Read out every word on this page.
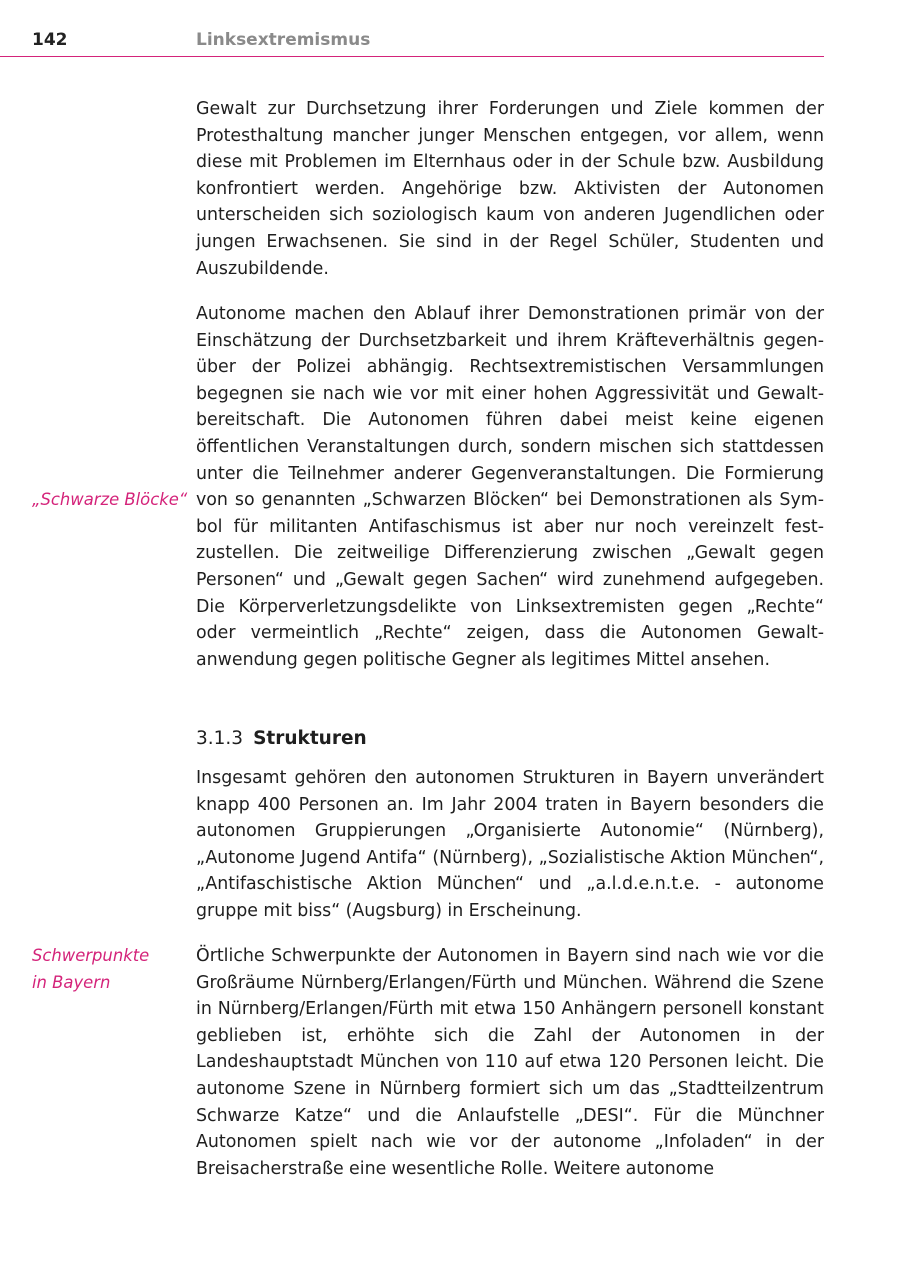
142	Linksextremismus

Gewalt zur Durchsetzung ihrer Forderungen und Ziele kommen der Protesthaltung mancher junger Menschen entgegen, vor allem, wenn diese mit Problemen im Elternhaus oder in der Schule bzw. Ausbildung konfrontiert werden. Angehörige bzw. Aktivisten der Autonomen unterscheiden sich soziologisch kaum von anderen Jugendlichen oder jungen Erwachsenen. Sie sind in der Regel Schüler, Studenten und Auszubildende.

Autonome machen den Ablauf ihrer Demonstrationen primär von der Einschätzung der Durchsetzbarkeit und ihrem Kräfteverhältnis gegenüber der Polizei abhängig. Rechtsextremistischen Versammlungen begegnen sie nach wie vor mit einer hohen Aggressivität und Gewaltbereitschaft. Die Autonomen führen dabei meist keine eigenen öffentlichen Veranstaltungen durch, sondern mischen sich stattdessen unter die Teilnehmer anderer Gegenveranstaltungen. Die Formierung von so genannten „Schwarzen Blöcken“ bei Demonstrationen als Symbol für militanten Antifaschismus ist aber nur noch vereinzelt festzustellen. Die zeitweilige Differenzierung zwischen „Gewalt gegen Personen“ und „Gewalt gegen Sachen“ wird zunehmend aufgegeben. Die Körperverletzungsdelikte von Linksextremisten gegen „Rechte“ oder vermeintlich „Rechte“ zeigen, dass die Autonomen Gewaltanwendung gegen politische Gegner als legitimes Mittel ansehen.

„Schwarze Blöcke“
3.1.3 Strukturen

Insgesamt gehören den autonomen Strukturen in Bayern unverändert knapp 400 Personen an. Im Jahr 2004 traten in Bayern besonders die autonomen Gruppierungen „Organisierte Autonomie“ (Nürnberg), „Autonome Jugend Antifa“ (Nürnberg), „Sozialistische Aktion München“, „Antifaschistische Aktion München“ und „a.l.d.e.n.t.e. - autonome gruppe mit biss“ (Augsburg) in Erscheinung.

Schwerpunkte
in Bayern

Örtliche Schwerpunkte der Autonomen in Bayern sind nach wie vor die Großräume Nürnberg/Erlangen/Fürth und München. Während die Szene in Nürnberg/Erlangen/Fürth mit etwa 150 Anhängern personell konstant geblieben ist, erhöhte sich die Zahl der Autonomen in der Landeshauptstadt München von 110 auf etwa 120 Personen leicht. Die autonome Szene in Nürnberg formiert sich um das „Stadtteilzentrum Schwarze Katze“ und die Anlaufstelle „DESI“. Für die Münchner Autonomen spielt nach wie vor der autonome „Infoladen“ in der Breisacherstraße eine wesentliche Rolle. Weitere autonome
